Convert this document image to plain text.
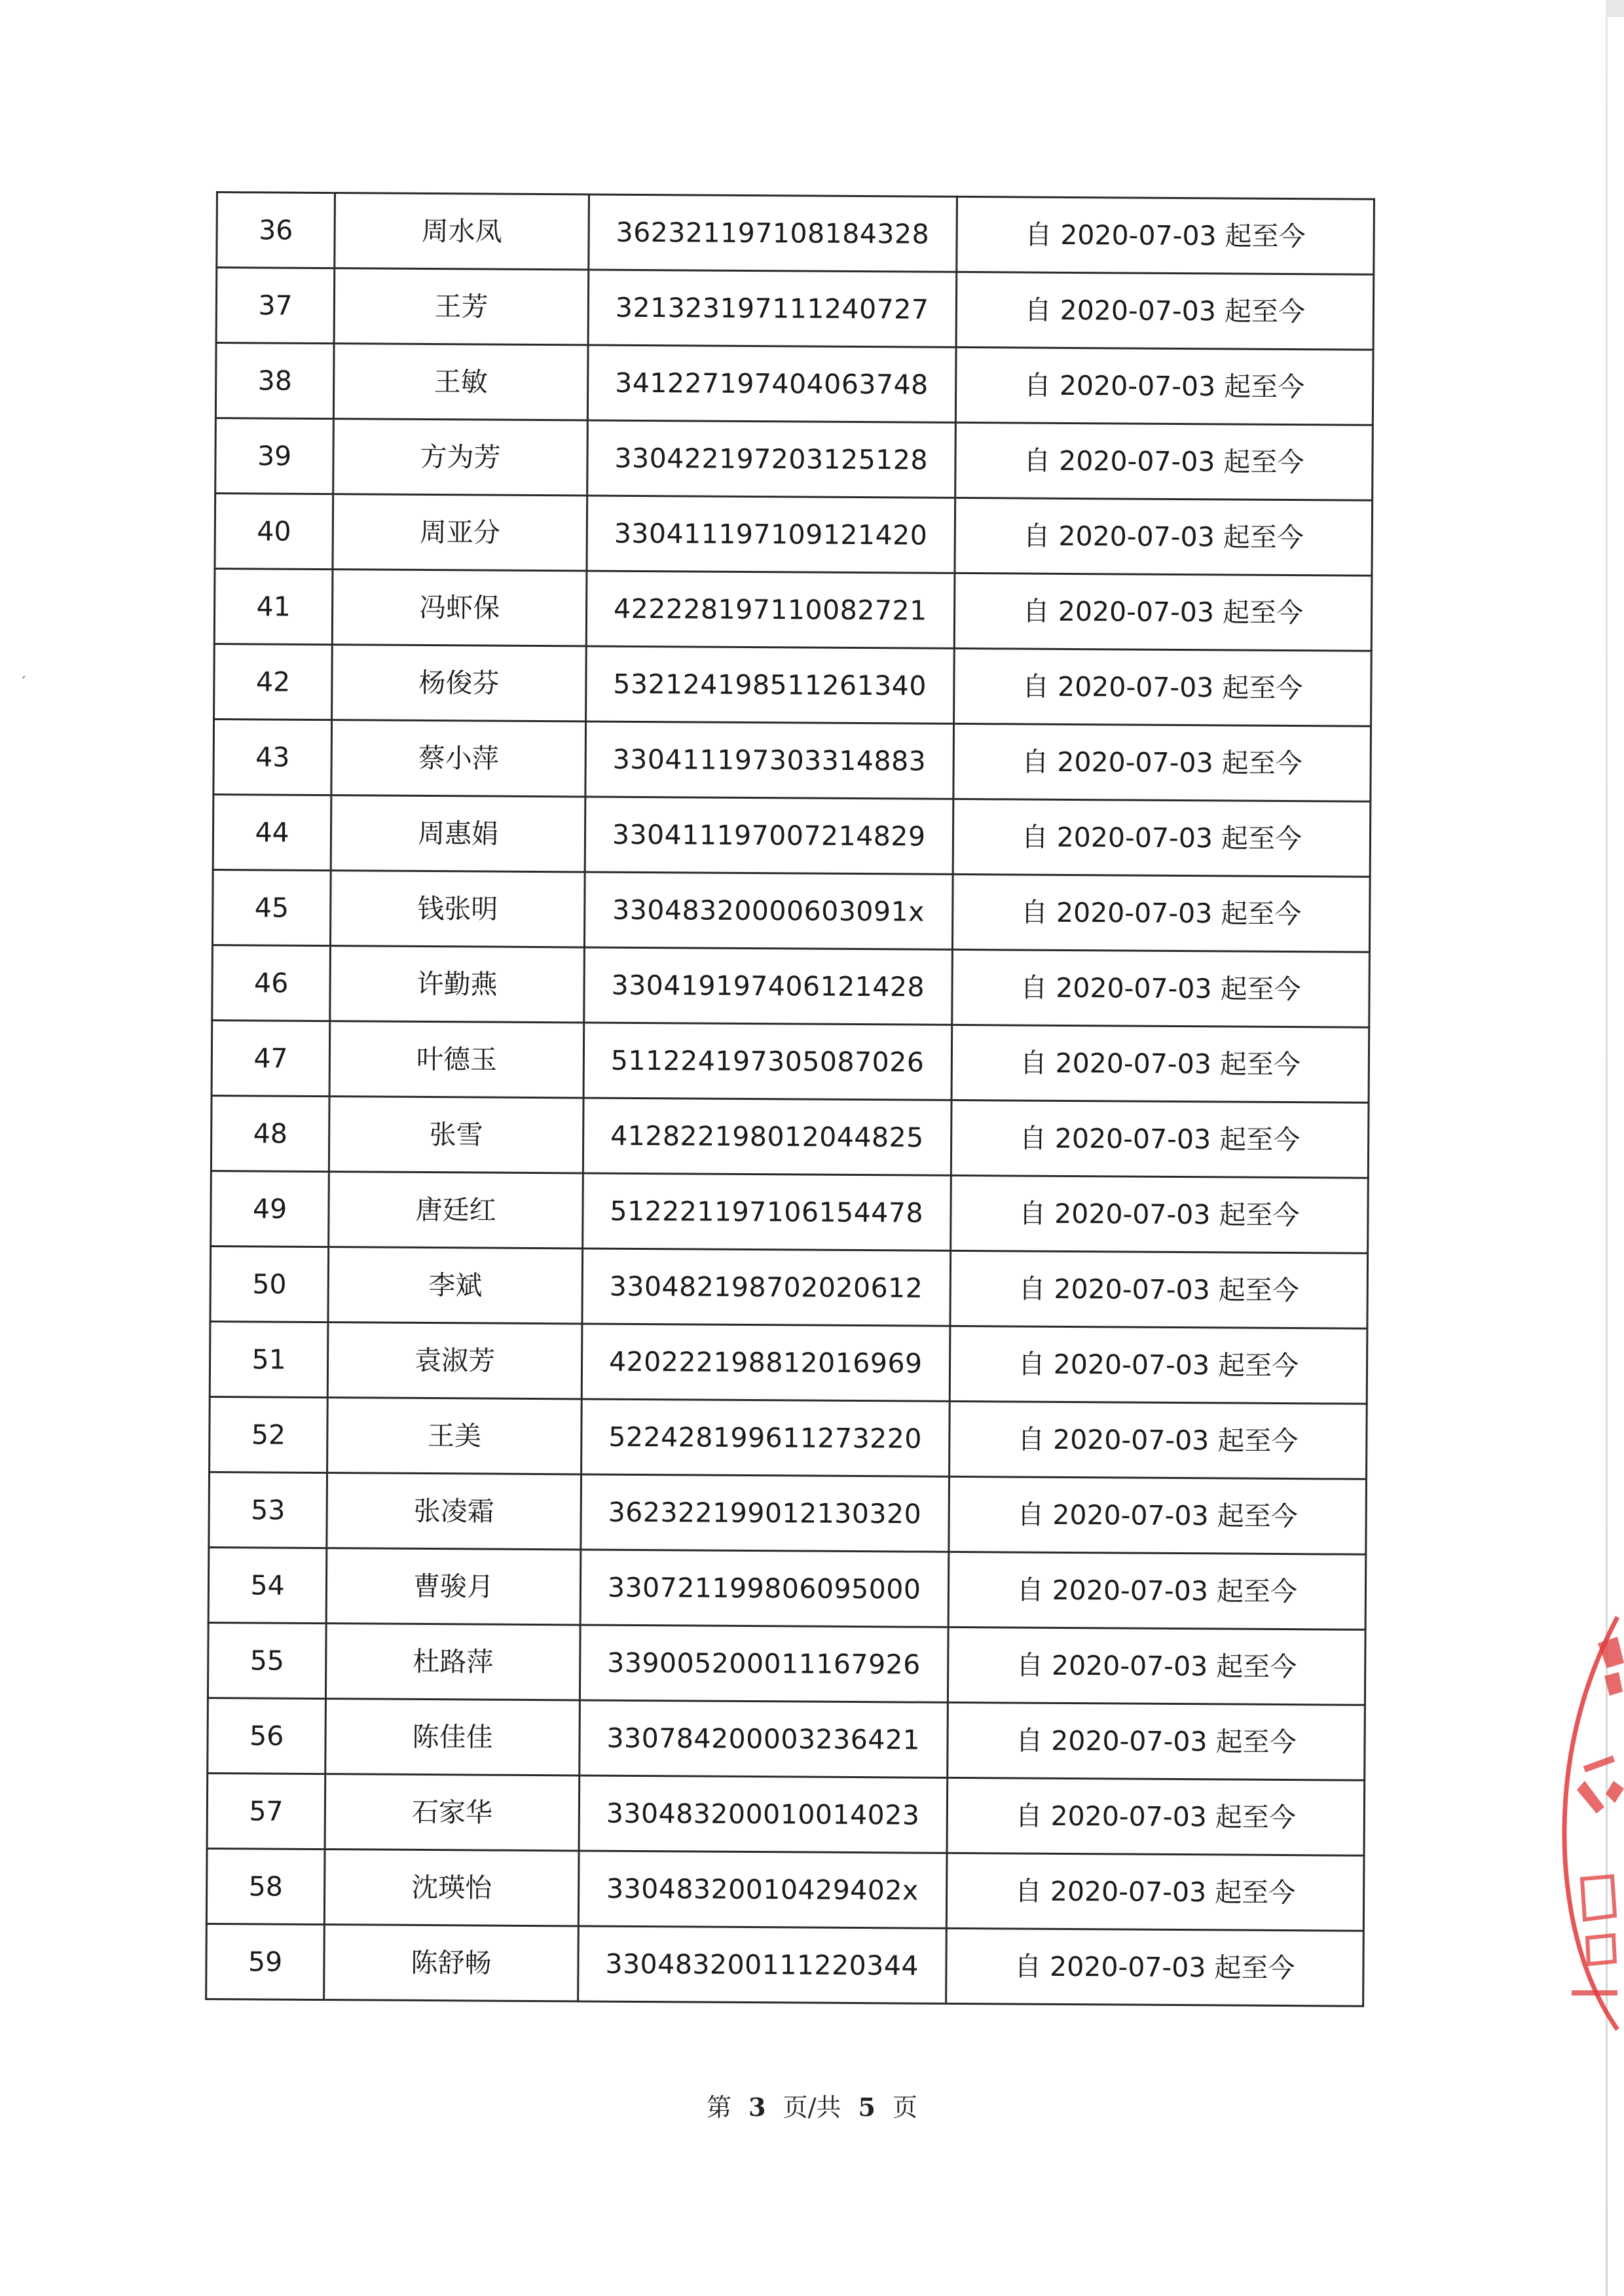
′
36	周水凤	362321197108184328	自 2020-07-03 起至今
37	王芳	321323197111240727	自 2020-07-03 起至今
38	王敏	341227197404063748	自 2020-07-03 起至今
39	方为芳	330422197203125128	自 2020-07-03 起至今
40	周亚分	330411197109121420	自 2020-07-03 起至今
41	冯虾保	422228197110082721	自 2020-07-03 起至今
42	杨俊芬	532124198511261340	自 2020-07-03 起至今
43	蔡小萍	330411197303314883	自 2020-07-03 起至今
44	周惠娟	330411197007214829	自 2020-07-03 起至今
45	钱张明	33048320000603091x	自 2020-07-03 起至今
46	许勤燕	330419197406121428	自 2020-07-03 起至今
47	叶德玉	511224197305087026	自 2020-07-03 起至今
48	张雪	412822198012044825	自 2020-07-03 起至今
49	唐廷红	512221197106154478	自 2020-07-03 起至今
50	李斌	330482198702020612	自 2020-07-03 起至今
51	袁淑芳	420222198812016969	自 2020-07-03 起至今
52	王美	522428199611273220	自 2020-07-03 起至今
53	张凌霜	362322199012130320	自 2020-07-03 起至今
54	曹骏月	330721199806095000	自 2020-07-03 起至今
55	杜路萍	339005200011167926	自 2020-07-03 起至今
56	陈佳佳	330784200003236421	自 2020-07-03 起至今
57	石家华	330483200010014023	自 2020-07-03 起至今
58	沈瑛怡	33048320010429402x	自 2020-07-03 起至今
59	陈舒畅	330483200111220344	自 2020-07-03 起至今
第 3 页/共 5 页
